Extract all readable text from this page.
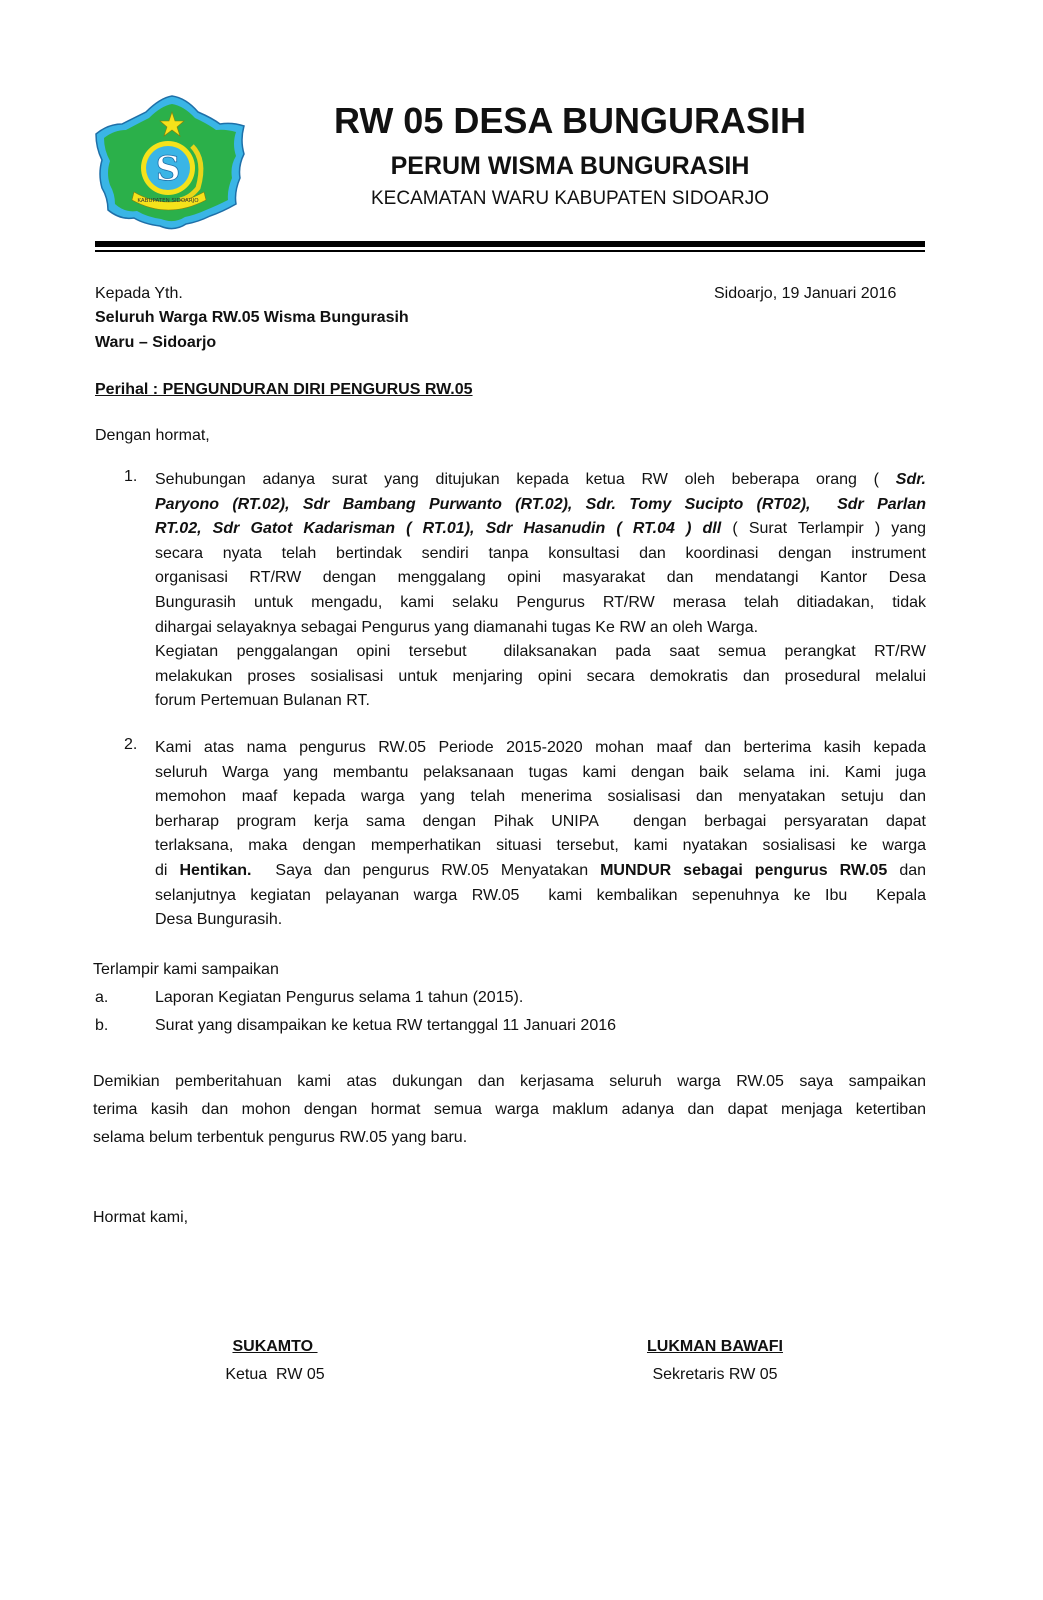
S
KABUPATEN SIDOARJO
RW 05 DESA BUNGURASIH
PERUM WISMA BUNGURASIH
KECAMATAN WARU KABUPATEN SIDOARJO
Kepada Yth.	Sidoarjo, 19 Januari 2016
Seluruh Warga RW.05 Wisma Bungurasih
Waru – Sidoarjo
Perihal : PENGUNDURAN DIRI PENGURUS RW.05
Dengan hormat,
1. Sehubungan adanya surat yang ditujukan kepada ketua RW oleh beberapa orang ( Sdr.
Paryono (RT.02), Sdr Bambang Purwanto (RT.02), Sdr. Tomy Sucipto (RT02),  Sdr Parlan
RT.02, Sdr Gatot Kadarisman ( RT.01), Sdr Hasanudin ( RT.04 ) dll ( Surat Terlampir ) yang
secara nyata telah bertindak sendiri tanpa konsultasi dan koordinasi dengan instrument
organisasi RT/RW dengan menggalang opini masyarakat dan mendatangi Kantor Desa
Bungurasih untuk mengadu, kami selaku Pengurus RT/RW merasa telah ditiadakan, tidak
dihargai selayaknya sebagai Pengurus yang diamanahi tugas Ke RW an oleh Warga.
Kegiatan penggalangan opini tersebut  dilaksanakan pada saat semua perangkat RT/RW
melakukan proses sosialisasi untuk menjaring opini secara demokratis dan prosedural melalui
forum Pertemuan Bulanan RT.
2. Kami atas nama pengurus RW.05 Periode 2015-2020 mohan maaf dan berterima kasih kepada
seluruh Warga yang membantu pelaksanaan tugas kami dengan baik selama ini. Kami juga
memohon maaf kepada warga yang telah menerima sosialisasi dan menyatakan setuju dan
berharap program kerja sama dengan Pihak UNIPA  dengan berbagai persyaratan dapat
terlaksana, maka dengan memperhatikan situasi tersebut, kami nyatakan sosialisasi ke warga
di Hentikan.  Saya dan pengurus RW.05 Menyatakan MUNDUR sebagai pengurus RW.05 dan
selanjutnya kegiatan pelayanan warga RW.05  kami kembalikan sepenuhnya ke Ibu  Kepala
Desa Bungurasih.
Terlampir kami sampaikan
a.	Laporan Kegiatan Pengurus selama 1 tahun (2015).
b.	Surat yang disampaikan ke ketua RW tertanggal 11 Januari 2016
Demikian pemberitahuan kami atas dukungan dan kerjasama seluruh warga RW.05 saya sampaikan
terima kasih dan mohon dengan hormat semua warga maklum adanya dan dapat menjaga ketertiban
selama belum terbentuk pengurus RW.05 yang baru.
Hormat kami,
SUKAMTO
Ketua  RW 05
LUKMAN BAWAFI
Sekretaris RW 05
